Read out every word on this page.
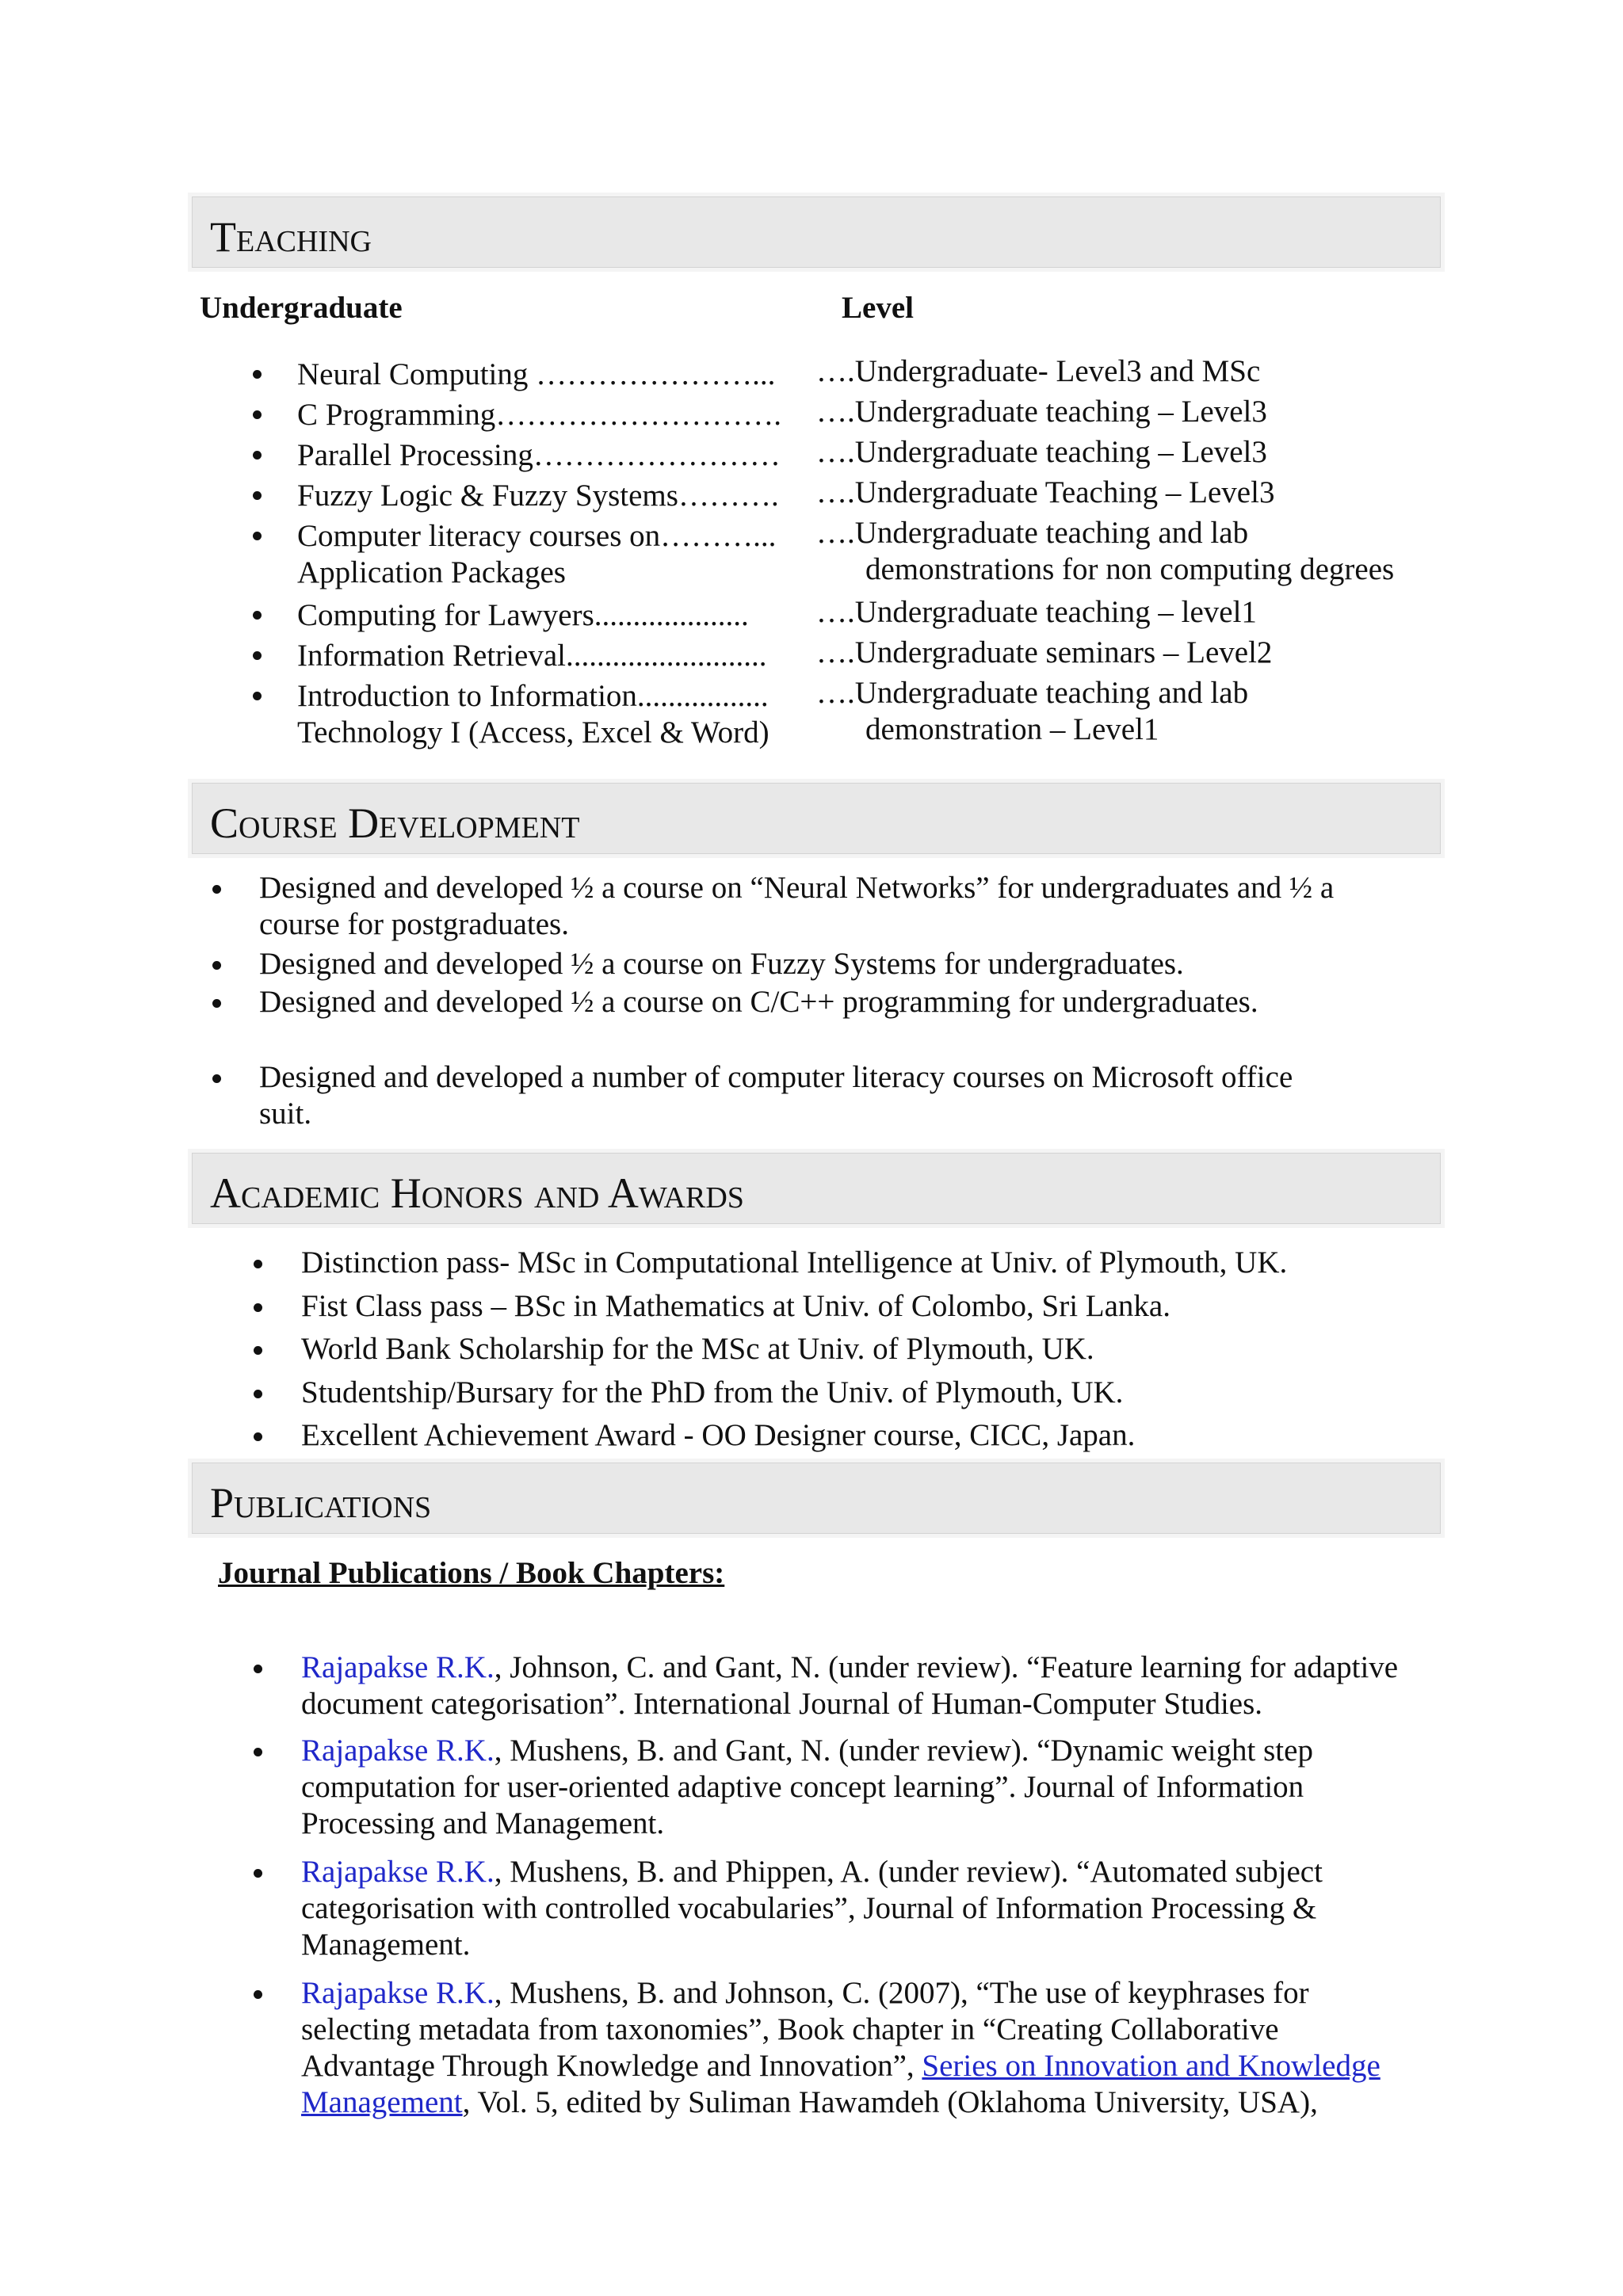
Teaching
Undergraduate	Level
Neural Computing …………………... ….Undergraduate- Level3 and MSc
C Programming………………………. ….Undergraduate teaching – Level3
Parallel Processing…………………… ….Undergraduate teaching – Level3
Fuzzy Logic & Fuzzy Systems………. ….Undergraduate Teaching – Level3
Computer literacy courses on………...
Application Packages
….Undergraduate teaching and lab
demonstrations for non computing degrees
Computing for Lawyers.................... ….Undergraduate teaching – level1
Information Retrieval.......................... ….Undergraduate seminars – Level2
Introduction to Information.................
Technology I (Access, Excel & Word)
….Undergraduate teaching and lab
demonstration – Level1
Course Development
Designed and developed ½ a course on “Neural Networks” for undergraduates and ½ a
course for postgraduates.
Designed and developed ½ a course on Fuzzy Systems for undergraduates.
Designed and developed ½ a course on C/C++ programming for undergraduates.
Designed and developed a number of computer literacy courses on Microsoft office
suit.
Academic Honors and Awards
Distinction pass- MSc in Computational Intelligence at Univ. of Plymouth, UK.
Fist Class pass – BSc in Mathematics at Univ. of Colombo, Sri Lanka.
World Bank Scholarship for the MSc at Univ. of Plymouth, UK.
Studentship/Bursary for the PhD from the Univ. of Plymouth, UK.
Excellent Achievement Award - OO Designer course, CICC, Japan.
Publications
Journal Publications / Book Chapters:
Rajapakse R.K., Johnson, C. and Gant, N. (under review). “Feature learning for adaptive
document categorisation”. International Journal of Human-Computer Studies.
Rajapakse R.K., Mushens, B. and Gant, N. (under review). “Dynamic weight step
computation for user-oriented adaptive concept learning”. Journal of Information
Processing and Management.
Rajapakse R.K., Mushens, B. and Phippen, A. (under review). “Automated subject
categorisation with controlled vocabularies”, Journal of Information Processing &
Management.
Rajapakse R.K., Mushens, B. and Johnson, C. (2007), “The use of keyphrases for
selecting metadata from taxonomies”, Book chapter in “Creating Collaborative
Advantage Through Knowledge and Innovation”, Series on Innovation and Knowledge
Management, Vol. 5, edited by Suliman Hawamdeh (Oklahoma University, USA),
